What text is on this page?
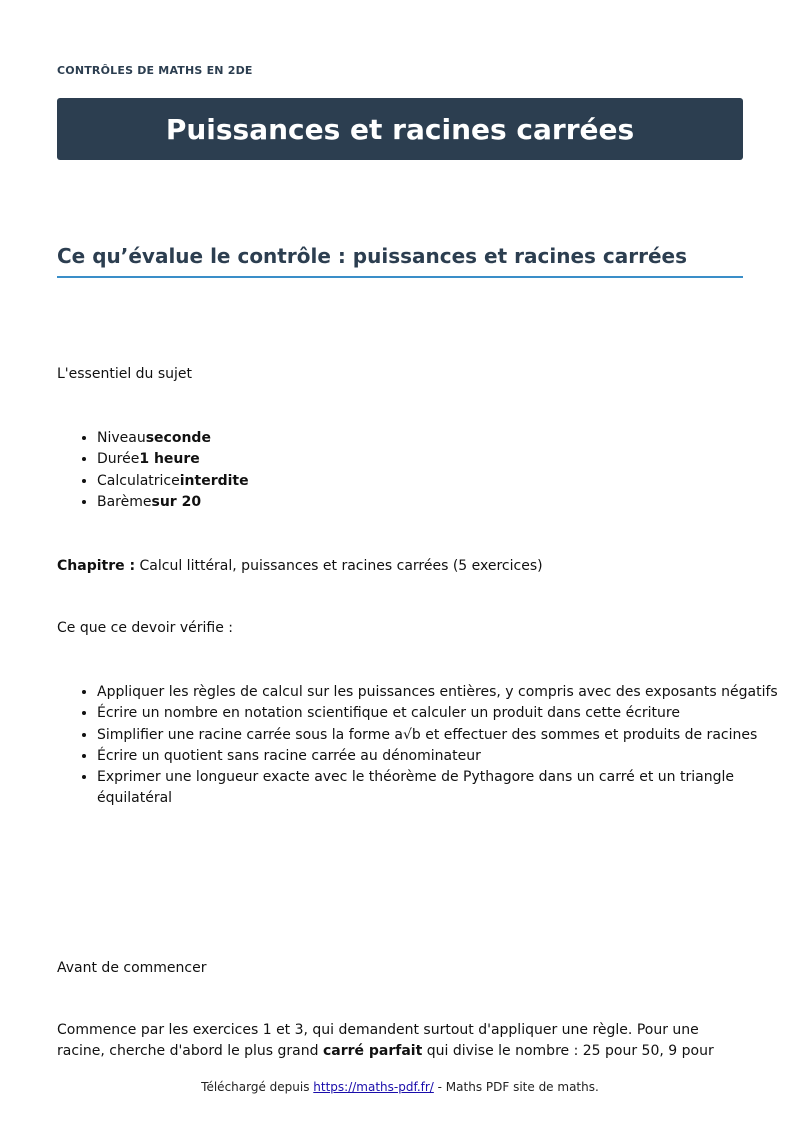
CONTRÔLES DE MATHS EN 2DE
Puissances et racines carrées
Ce qu’évalue le contrôle : puissances et racines carrées

L'essentiel du sujet

• Niveauseconde
• Durée1 heure
• Calculatriceinterdite
• Barèmesur 20

Chapitre : Calcul littéral, puissances et racines carrées (5 exercices)

Ce que ce devoir vérifie :

• Appliquer les règles de calcul sur les puissances entières, y compris avec des exposants négatifs
• Écrire un nombre en notation scientifique et calculer un produit dans cette écriture
• Simplifier une racine carrée sous la forme a√b et effectuer des sommes et produits de racines
• Écrire un quotient sans racine carrée au dénominateur
• Exprimer une longueur exacte avec le théorème de Pythagore dans un carré et un triangle équilatéral

Avant de commencer

Commence par les exercices 1 et 3, qui demandent surtout d'appliquer une règle. Pour une racine, cherche d'abord le plus grand carré parfait qui divise le nombre : 25 pour 50, 9 pour

Téléchargé depuis https://maths-pdf.fr/ - Maths PDF site de maths.
